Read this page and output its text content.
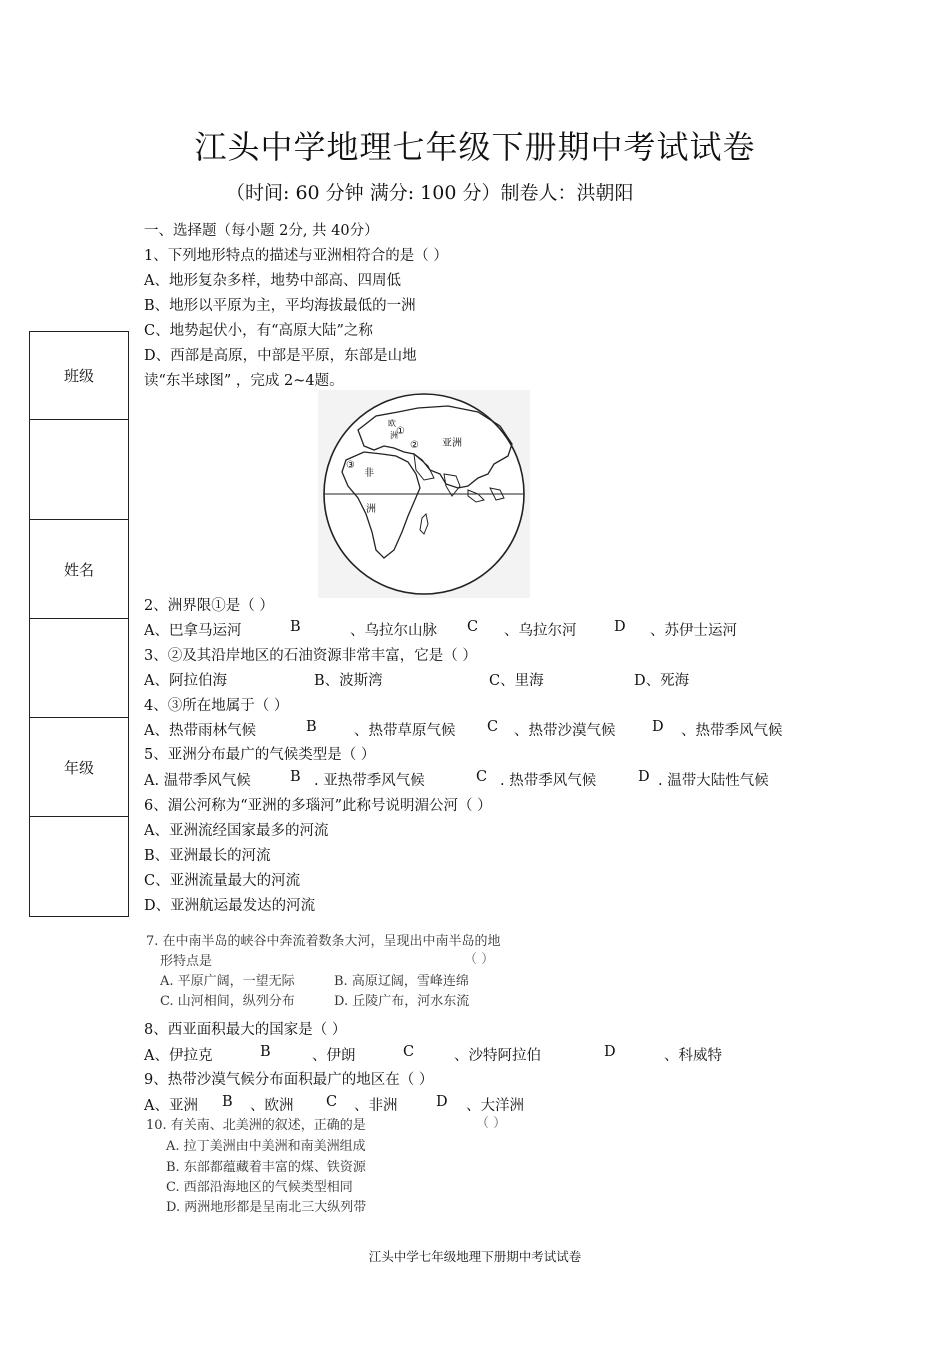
江头中学地理七年级下册期中考试试卷
（时间: 60 分钟 满分: 100 分）制卷人：洪朝阳
一、选择题（每小题 2分, 共 40分）
班级
姓名
年级
1、下列地形特点的描述与亚洲相符合的是（ ）
A、地形复杂多样，地势中部高、四周低
B、地形以平原为主，平均海拔最低的一洲
C、地势起伏小，有“高原大陆”之称
D、西部是高原，中部是平原，东部是山地
读“东半球图” ，完成 2~4题。
①
②
③
亚洲
非
洲
欧
洲
2、洲界限①是（ ）
A、巴拿马运河	B	、乌拉尔山脉 C 、乌拉尔河	D 、苏伊士运河
3、②及其沿岸地区的石油资源非常丰富，它是（ ）
A、阿拉伯海	B、波斯湾	C、里海	D、死海
4、③所在地属于（ ）
A、热带雨林气候	B	、热带草原气候 C 、热带沙漠气候	D 、热带季风气候
5、亚洲分布最广的气候类型是（ ）
A. 温带季风气候	B . 亚热带季风气候	C . 热带季风气候	D . 温带大陆性气候
6、湄公河称为“亚洲的多瑙河”此称号说明湄公河（ ）
A、亚洲流经国家最多的河流
B、亚洲最长的河流
C、亚洲流量最大的河流
D、亚洲航运最发达的河流
7. 在中南半岛的峡谷中奔流着数条大河，呈现出中南半岛的地
形特点是	（ ）
A. 平原广阔，一望无际	B. 高原辽阔，雪峰连绵
C. 山河相间，纵列分布	D. 丘陵广布，河水东流
8、西亚面积最大的国家是（ ）
A、伊拉克	B	、伊朗	C	、沙特阿拉伯	D	、科威特
9、热带沙漠气候分布面积最广的地区在（ ）
A、亚洲 B 、欧洲 C 、非洲	D 、大洋洲
10. 有关南、北美洲的叙述，正确的是	（ ）
A. 拉丁美洲由中美洲和南美洲组成
B. 东部都蕴藏着丰富的煤、铁资源
C. 西部沿海地区的气候类型相同
D. 两洲地形都是呈南北三大纵列带
江头中学七年级地理下册期中考试试卷
